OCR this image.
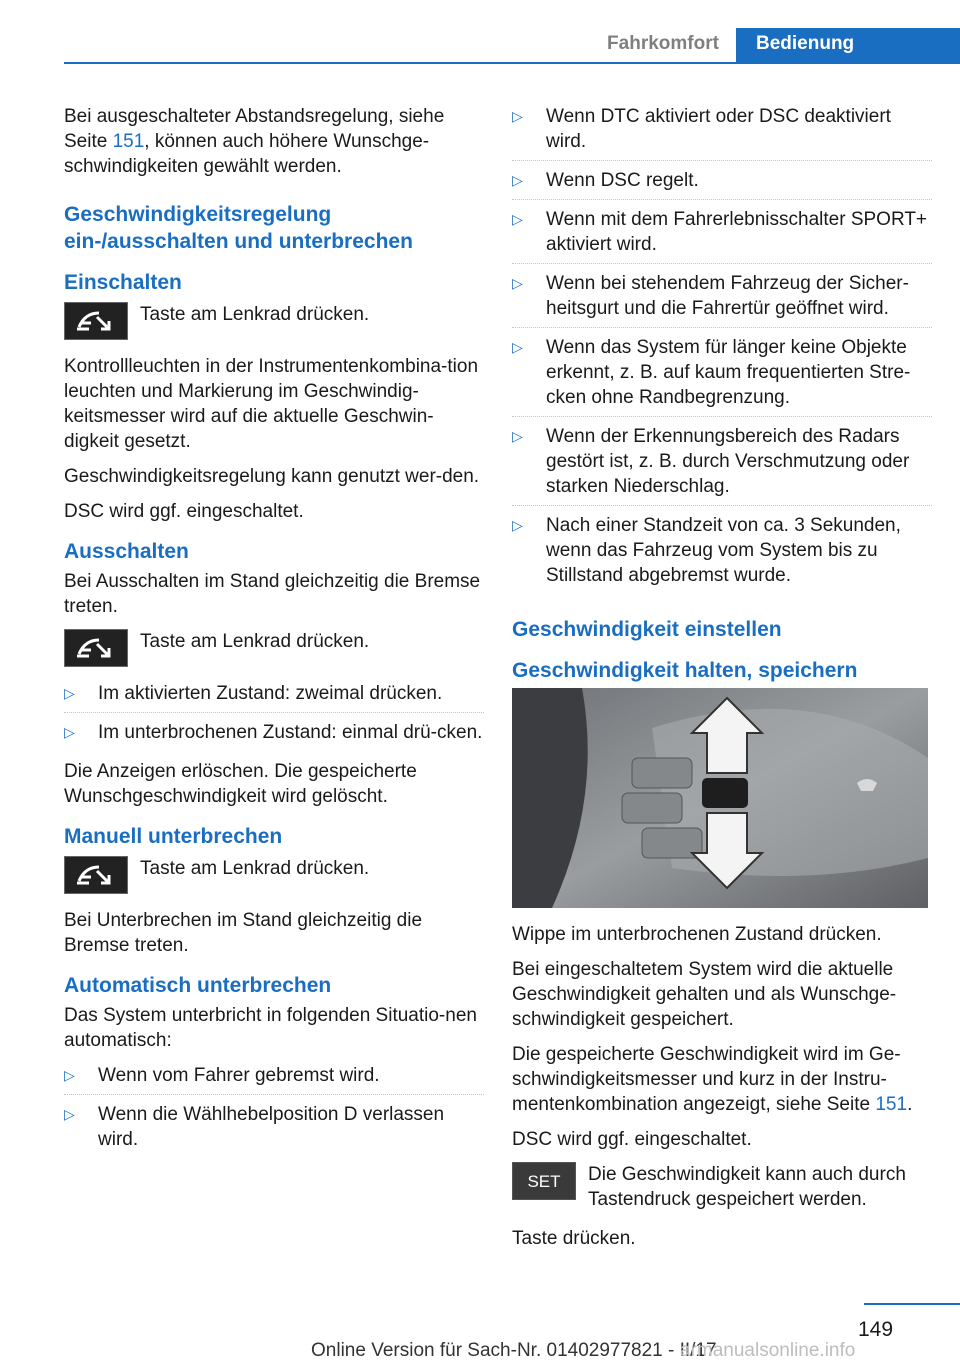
Fahrkomfort	Bedienung

Bei ausgeschalteter Abstandsregelung, siehe Seite 151, können auch höhere Wunschge-schwindigkeiten gewählt werden.

Geschwindigkeitsregelung ein-/ausschalten und unterbrechen
Einschalten
Taste am Lenkrad drücken.

Kontrollleuchten in der Instrumentenkombina-tion leuchten und Markierung im Geschwindig-keitsmesser wird auf die aktuelle Geschwin-digkeit gesetzt.

Geschwindigkeitsregelung kann genutzt wer-den.

DSC wird ggf. eingeschaltet.

Ausschalten

Bei Ausschalten im Stand gleichzeitig die Bremse treten.

Taste am Lenkrad drücken.
▷ Im aktivierten Zustand: zweimal drücken.
▷ Im unterbrochenen Zustand: einmal drü-cken.

Die Anzeigen erlöschen. Die gespeicherte Wunschgeschwindigkeit wird gelöscht.

Manuell unterbrechen
Taste am Lenkrad drücken.

Bei Unterbrechen im Stand gleichzeitig die Bremse treten.

Automatisch unterbrechen

Das System unterbricht in folgenden Situatio-nen automatisch:

▷ Wenn vom Fahrer gebremst wird.
▷ Wenn die Wählhebelposition D verlassen wird.
▷ Wenn DTC aktiviert oder DSC deaktiviert wird.
▷ Wenn DSC regelt.
▷ Wenn mit dem Fahrerlebnisschalter SPORT+ aktiviert wird.
▷ Wenn bei stehendem Fahrzeug der Sicher-heitsgurt und die Fahrertür geöffnet wird.
▷ Wenn das System für länger keine Objekte erkennt, z. B. auf kaum frequentierten Stre-cken ohne Randbegrenzung.
▷ Wenn der Erkennungsbereich des Radars gestört ist, z. B. durch Verschmutzung oder starken Niederschlag.
▷ Nach einer Standzeit von ca. 3 Sekunden, wenn das Fahrzeug vom System bis zu Stillstand abgebremst wurde.
Geschwindigkeit einstellen
Geschwindigkeit halten, speichern

Wippe im unterbrochenen Zustand drücken.

Bei eingeschaltetem System wird die aktuelle Geschwindigkeit gehalten und als Wunschge-schwindigkeit gespeichert.

Die gespeicherte Geschwindigkeit wird im Ge-schwindigkeitsmesser und kurz in der Instru-mentenkombination angezeigt, siehe Seite 151.

DSC wird ggf. eingeschaltet.

SET	Die Geschwindigkeit kann auch durch Tastendruck gespeichert werden.

Taste drücken.

149
Online Version für Sach-Nr. 01402977821 - II/17
armanualsonline.info
